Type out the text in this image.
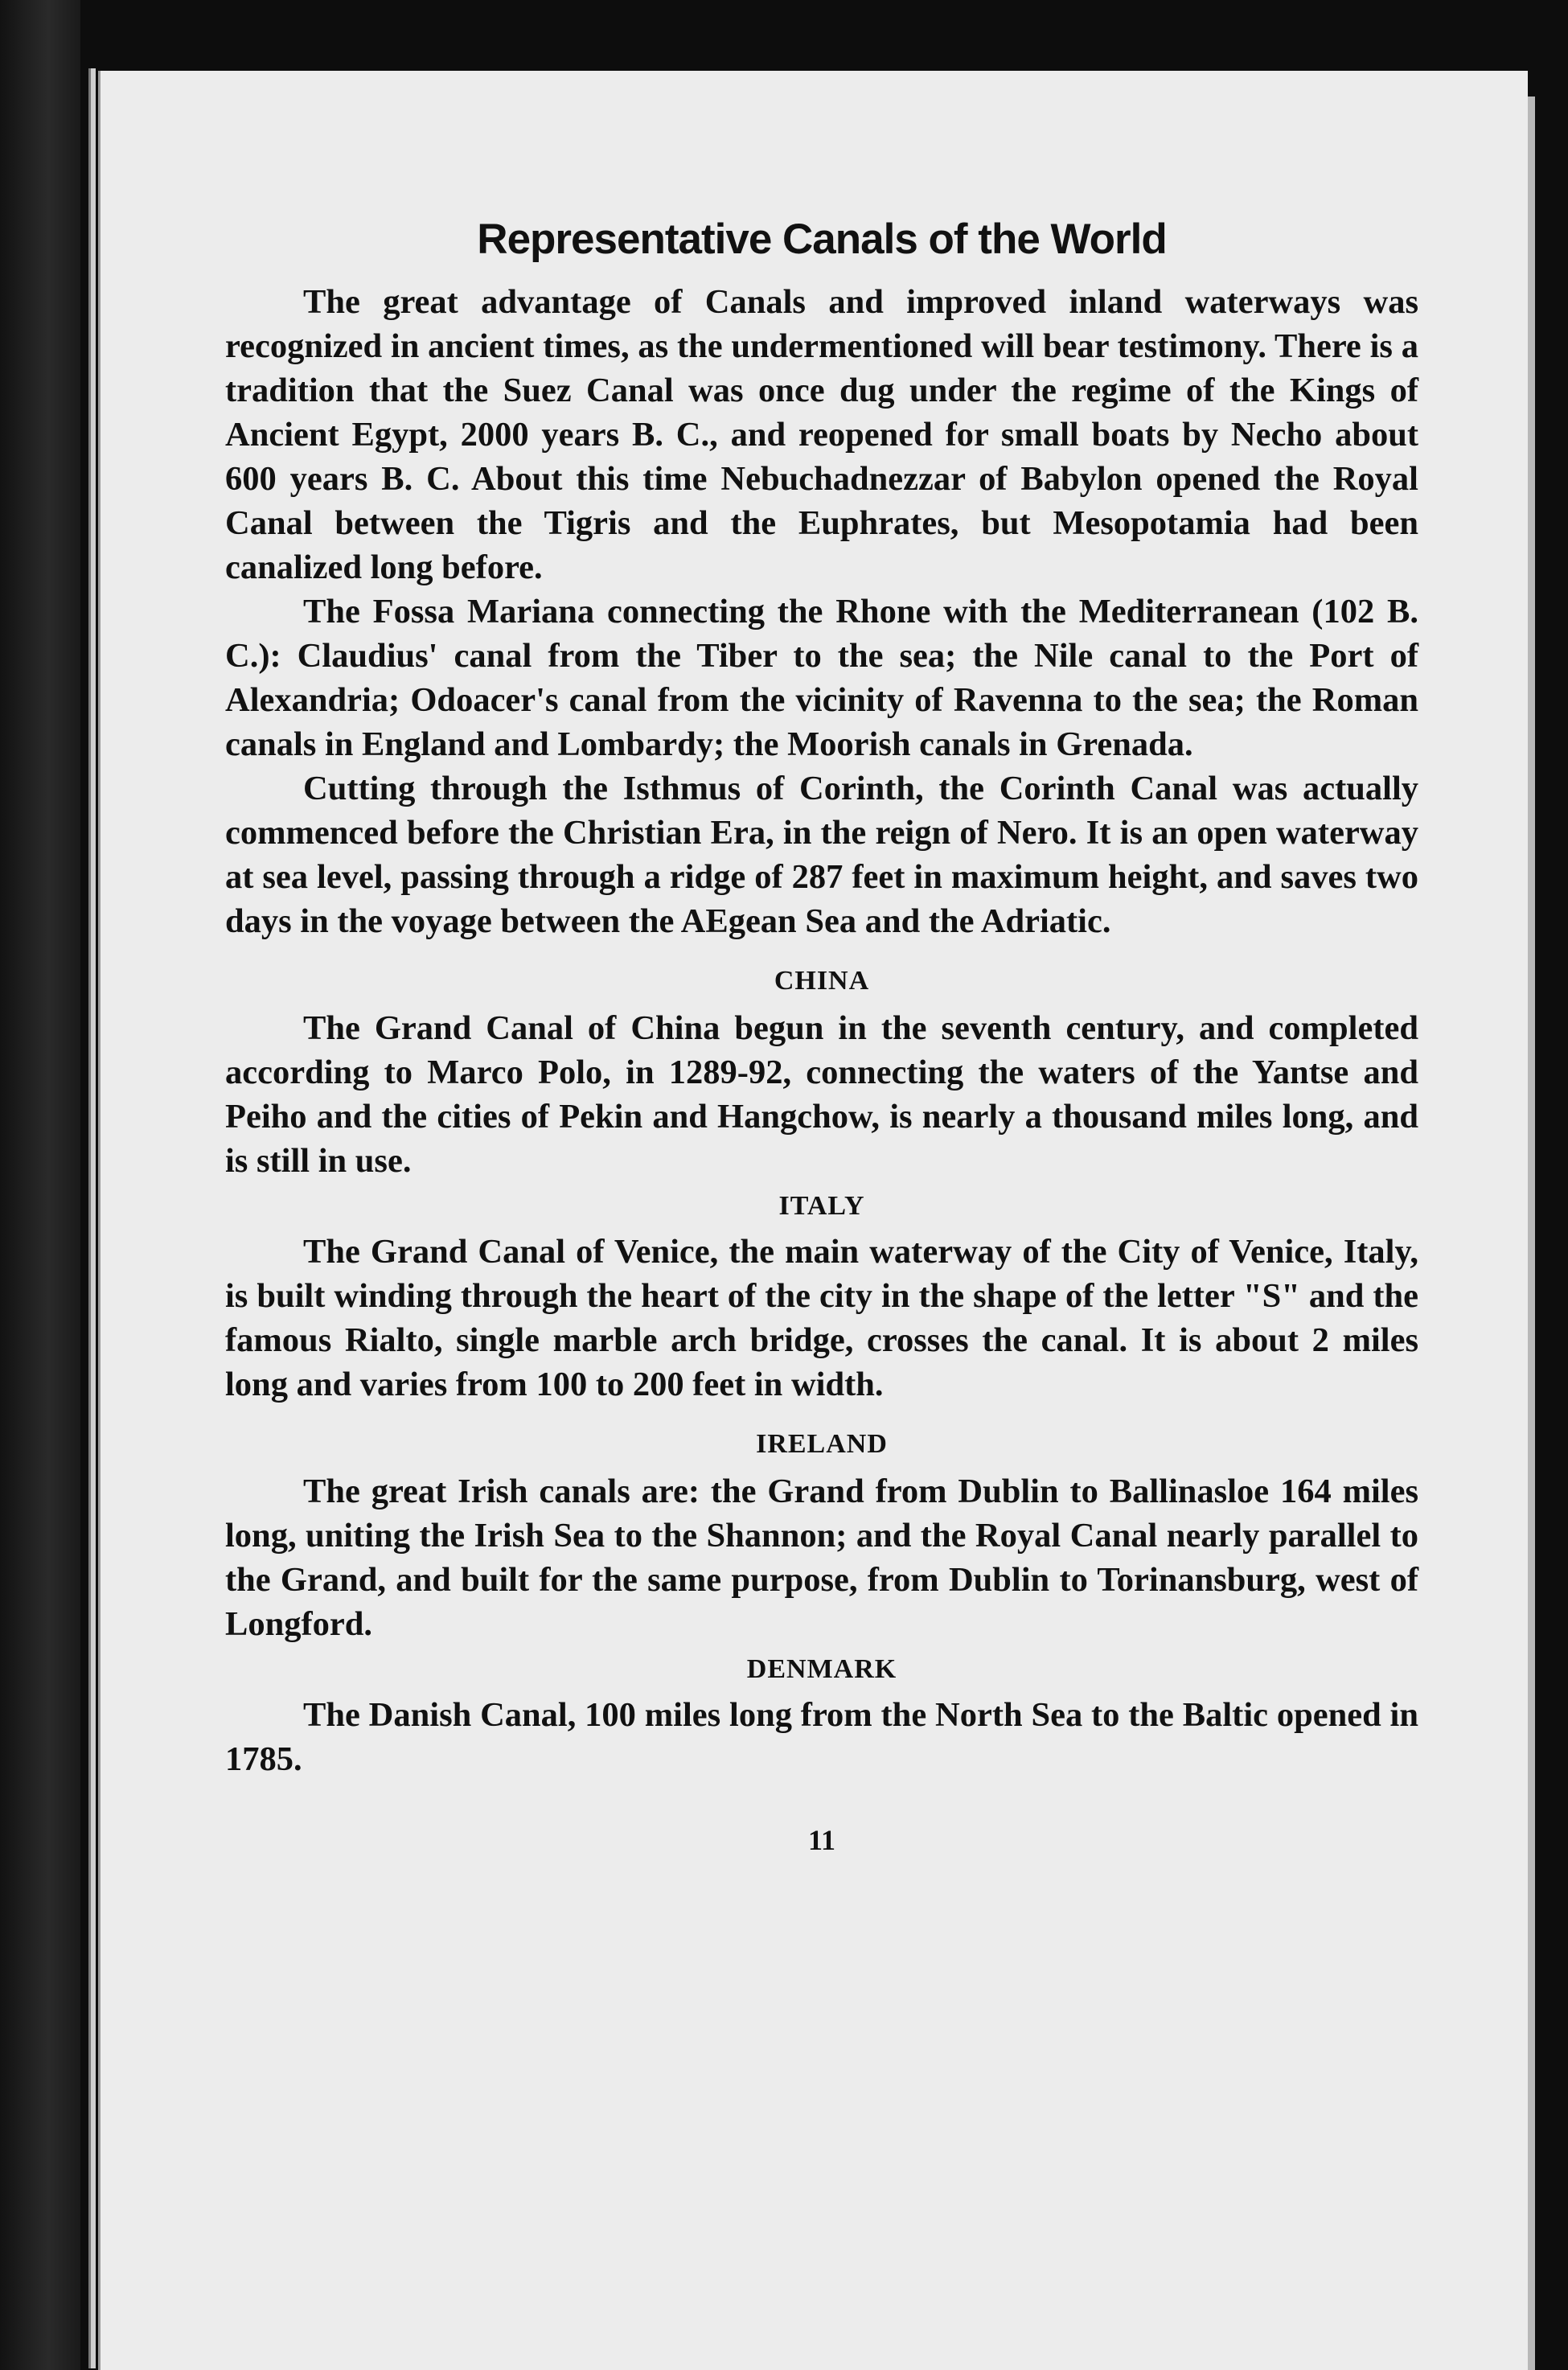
Representative Canals of the World

The great advantage of Canals and improved inland waterways was recognized in ancient times, as the undermentioned will bear testimony. There is a tradition that the Suez Canal was once dug under the regime of the Kings of Ancient Egypt, 2000 years B. C., and reopened for small boats by Necho about 600 years B. C. About this time Nebuchadnezzar of Babylon opened the Royal Canal between the Tigris and the Euphrates, but Mesopotamia had been canalized long before.

The Fossa Mariana connecting the Rhone with the Mediterranean (102 B. C.): Claudius' canal from the Tiber to the sea; the Nile canal to the Port of Alexandria; Odoacer's canal from the vicinity of Ravenna to the sea; the Roman canals in England and Lombardy; the Moorish canals in Grenada.

Cutting through the Isthmus of Corinth, the Corinth Canal was actually commenced before the Christian Era, in the reign of Nero. It is an open waterway at sea level, passing through a ridge of 287 feet in maximum height, and saves two days in the voyage between the AEgean Sea and the Adriatic.

CHINA

The Grand Canal of China begun in the seventh century, and completed according to Marco Polo, in 1289-92, connecting the waters of the Yantse and Peiho and the cities of Pekin and Hangchow, is nearly a thousand miles long, and is still in use.

ITALY

The Grand Canal of Venice, the main waterway of the City of Venice, Italy, is built winding through the heart of the city in the shape of the letter "S" and the famous Rialto, single marble arch bridge, crosses the canal. It is about 2 miles long and varies from 100 to 200 feet in width.

IRELAND

The great Irish canals are: the Grand from Dublin to Ballinasloe 164 miles long, uniting the Irish Sea to the Shannon; and the Royal Canal nearly parallel to the Grand, and built for the same purpose, from Dublin to Torinansburg, west of Longford.

DENMARK

The Danish Canal, 100 miles long from the North Sea to the Baltic opened in 1785.

11
